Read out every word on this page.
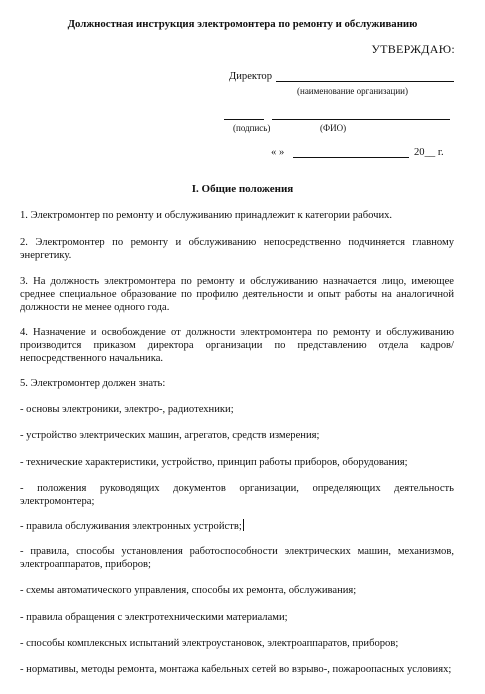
Должностная инструкция электромонтера по ремонту и обслуживанию
УТВЕРЖДАЮ:
Директор
(наименование организации)
(подпись)	(ФИО)
« »	20__ г.
I. Общие положения
1. Электромонтер по ремонту и обслуживанию принадлежит к категории рабочих.
2. Электромонтер по ремонту и обслуживанию непосредственно подчиняется главному энергетику.
3. На должность электромонтера по ремонту и обслуживанию назначается лицо, имеющее среднее специальное образование по профилю деятельности и опыт работы на аналогичной должности не менее одного года.
4. Назначение и освобождение от должности электромонтера по ремонту и обслуживанию производится приказом директора организации по представлению отдела кадров/непосредственного начальника.
5. Электромонтер должен знать:
- основы электроники, электро-, радиотехники;
- устройство электрических машин, агрегатов, средств измерения;
- технические характеристики, устройство, принцип работы приборов, оборудования;
- положения руководящих документов организации, определяющих деятельность электромонтера;
- правила обслуживания электронных устройств;
- правила, способы установления работоспособности электрических машин, механизмов, электроаппаратов, приборов;
- схемы автоматического управления, способы их ремонта, обслуживания;
- правила обращения с электротехническими материалами;
- способы комплексных испытаний электроустановок, электроаппаратов, приборов;
- нормативы, методы ремонта, монтажа кабельных сетей во взрыво-, пожароопасных условиях;
